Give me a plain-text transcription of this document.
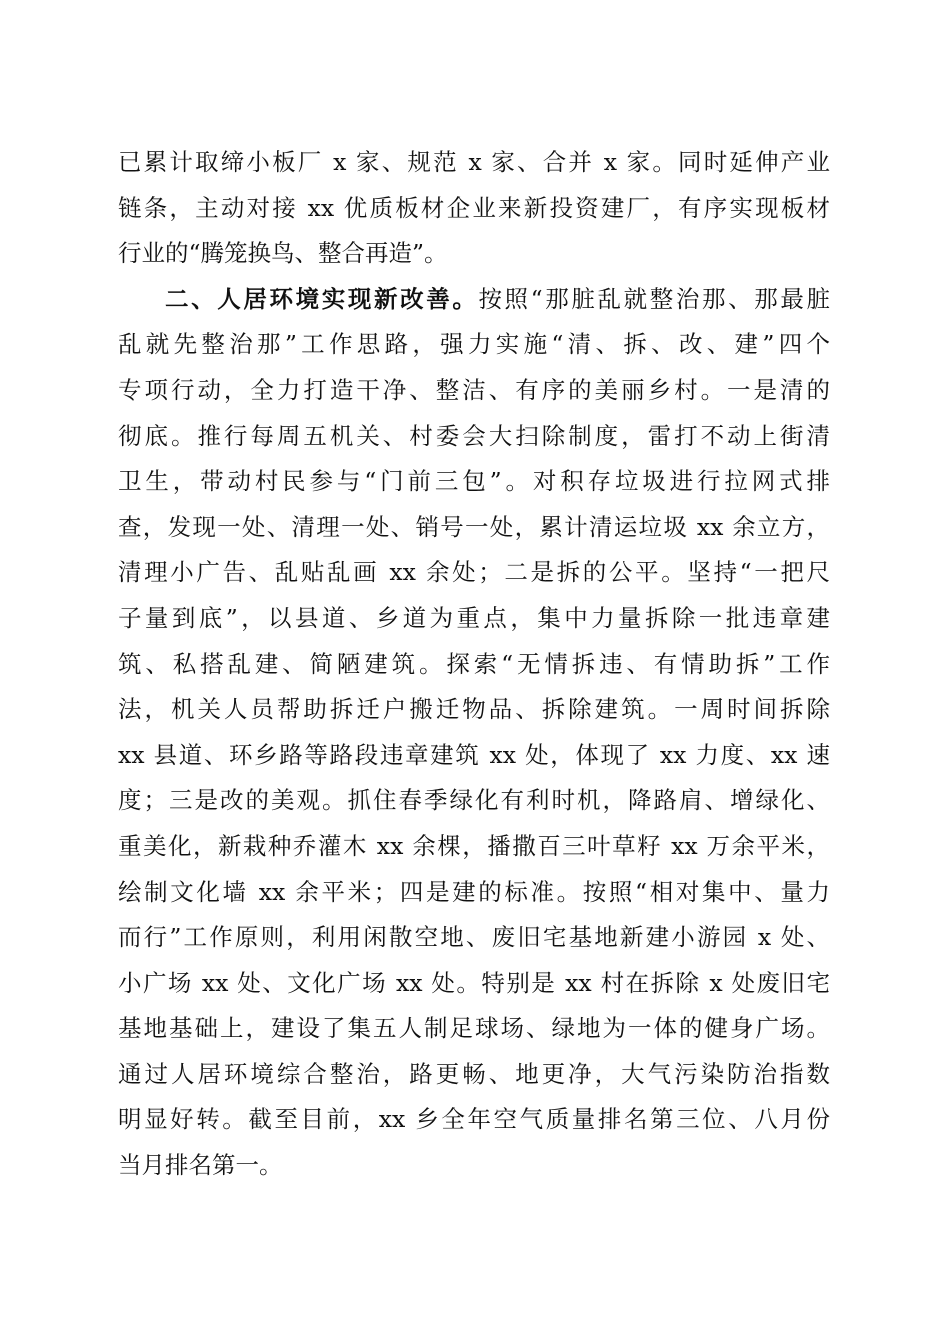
已累计取缔小板厂 x 家、规范 x 家、合并 x 家。同时延伸产业
链条，主动对接 xx 优质板材企业来新投资建厂，有序实现板材
行业的“腾笼换鸟、整合再造”。
二、人居环境实现新改善。按照“那脏乱就整治那、那最脏
乱就先整治那”工作思路，强力实施“清、拆、改、建”四个
专项行动，全力打造干净、整洁、有序的美丽乡村。一是清的
彻底。推行每周五机关、村委会大扫除制度，雷打不动上街清
卫生，带动村民参与“门前三包”。对积存垃圾进行拉网式排
查，发现一处、清理一处、销号一处，累计清运垃圾 xx 余立方，
清理小广告、乱贴乱画 xx 余处；二是拆的公平。坚持“一把尺
子量到底”，以县道、乡道为重点，集中力量拆除一批违章建
筑、私搭乱建、简陋建筑。探索“无情拆违、有情助拆”工作
法，机关人员帮助拆迁户搬迁物品、拆除建筑。一周时间拆除
xx 县道、环乡路等路段违章建筑 xx 处，体现了 xx 力度、xx 速
度；三是改的美观。抓住春季绿化有利时机，降路肩、增绿化、
重美化，新栽种乔灌木 xx 余棵，播撒百三叶草籽 xx 万余平米，
绘制文化墙 xx 余平米；四是建的标准。按照“相对集中、量力
而行”工作原则，利用闲散空地、废旧宅基地新建小游园 x 处、
小广场 xx 处、文化广场 xx 处。特别是 xx 村在拆除 x 处废旧宅
基地基础上，建设了集五人制足球场、绿地为一体的健身广场。
通过人居环境综合整治，路更畅、地更净，大气污染防治指数
明显好转。截至目前，xx 乡全年空气质量排名第三位、八月份
当月排名第一。
